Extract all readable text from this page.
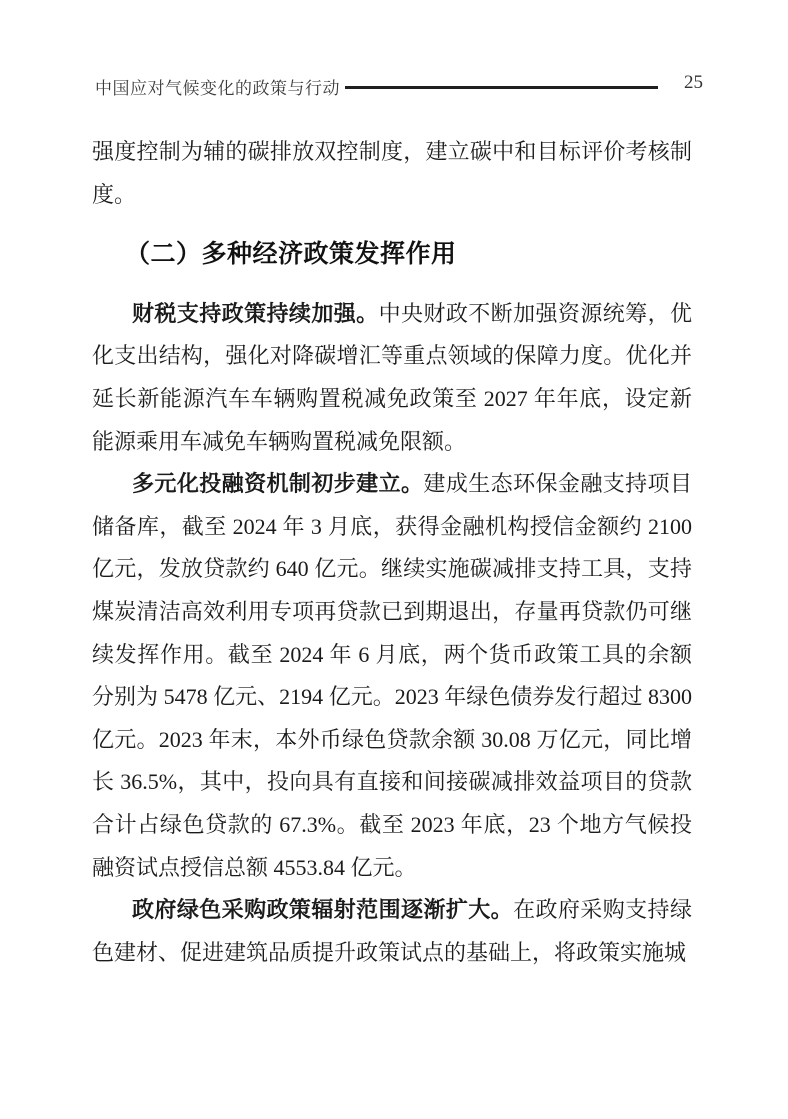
中国应对气候变化的政策与行动	25

强度控制为辅的碳排放双控制度，建立碳中和目标评价考核制度。

（二）多种经济政策发挥作用

财税支持政策持续加强。中央财政不断加强资源统筹，优化支出结构，强化对降碳增汇等重点领域的保障力度。优化并延长新能源汽车车辆购置税减免政策至 2027 年年底，设定新能源乘用车减免车辆购置税减免限额。

多元化投融资机制初步建立。建成生态环保金融支持项目储备库，截至 2024 年 3 月底，获得金融机构授信金额约 2100 亿元，发放贷款约 640 亿元。继续实施碳减排支持工具，支持煤炭清洁高效利用专项再贷款已到期退出，存量再贷款仍可继续发挥作用。截至 2024 年 6 月底，两个货币政策工具的余额分别为 5478 亿元、2194 亿元。2023 年绿色债券发行超过 8300 亿元。2023 年末，本外币绿色贷款余额 30.08 万亿元，同比增长 36.5%，其中，投向具有直接和间接碳减排效益项目的贷款合计占绿色贷款的 67.3%。截至 2023 年底，23 个地方气候投融资试点授信总额 4553.84 亿元。

政府绿色采购政策辐射范围逐渐扩大。在政府采购支持绿色建材、促进建筑品质提升政策试点的基础上，将政策实施城
